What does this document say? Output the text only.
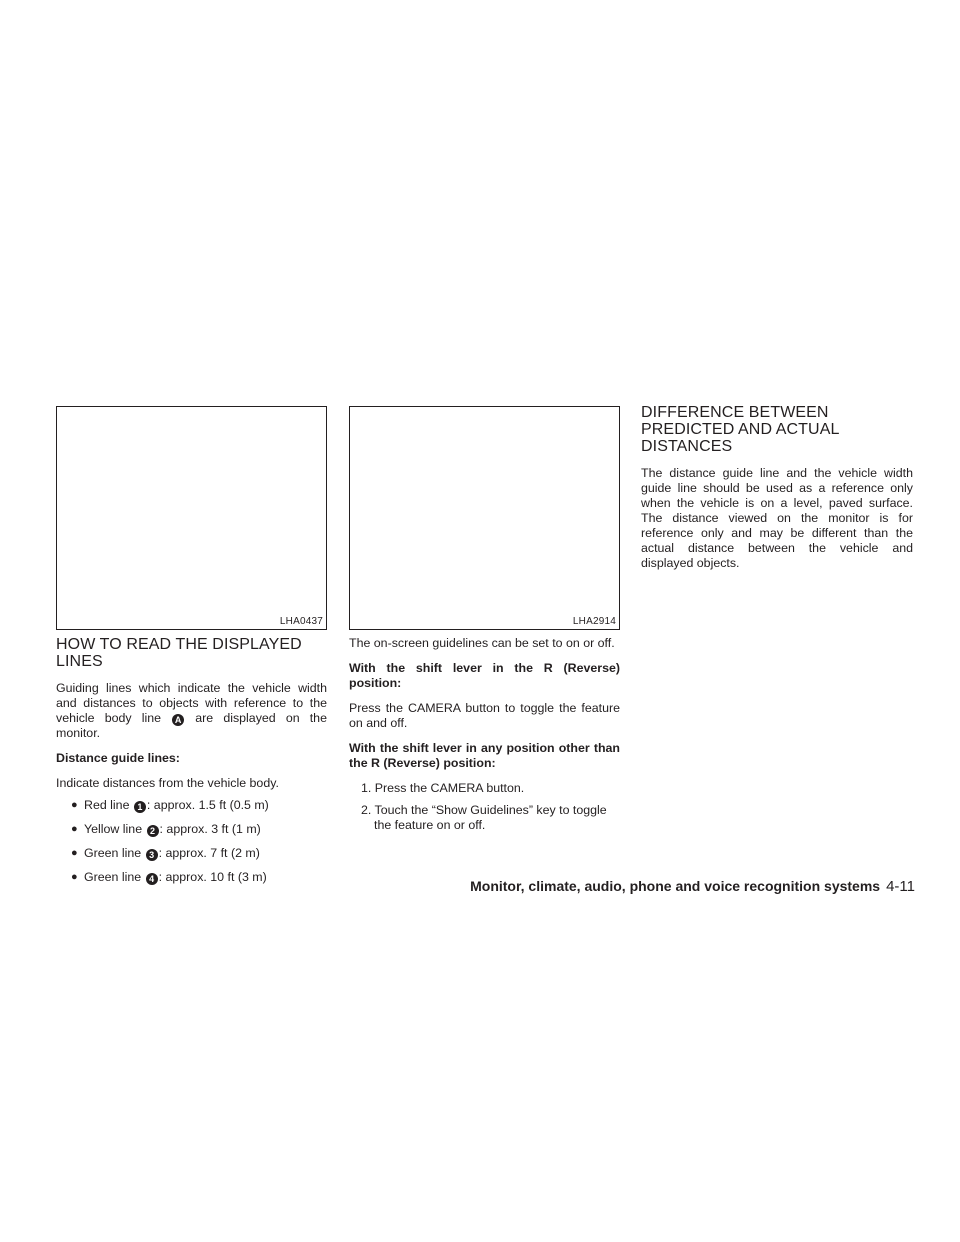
LHA0437	LHA2914
HOW TO READ THE DISPLAYED LINES

Guiding lines which indicate the vehicle width and distances to objects with reference to the vehicle body line A are displayed on the monitor.

Distance guide lines:

Indicate distances from the vehicle body.

● Red line 1 : approx. 1.5 ft (0.5 m)
● Yellow line 2 : approx. 3 ft (1 m)
● Green line 3 : approx. 7 ft (2 m)
● Green line 4 : approx. 10 ft (3 m)

The on-screen guidelines can be set to on or off.

With the shift lever in the R (Reverse) position:

Press the CAMERA button to toggle the feature on and off.

With the shift lever in any position other than the R (Reverse) position:

1. Press the CAMERA button.
2. Touch the “Show Guidelines” key to toggle the feature on or off.
DIFFERENCE BETWEEN PREDICTED AND ACTUAL DISTANCES

The distance guide line and the vehicle width guide line should be used as a reference only when the vehicle is on a level, paved surface. The distance viewed on the monitor is for reference only and may be different than the actual distance between the vehicle and displayed objects.

Monitor, climate, audio, phone and voice recognition systems 4-11
